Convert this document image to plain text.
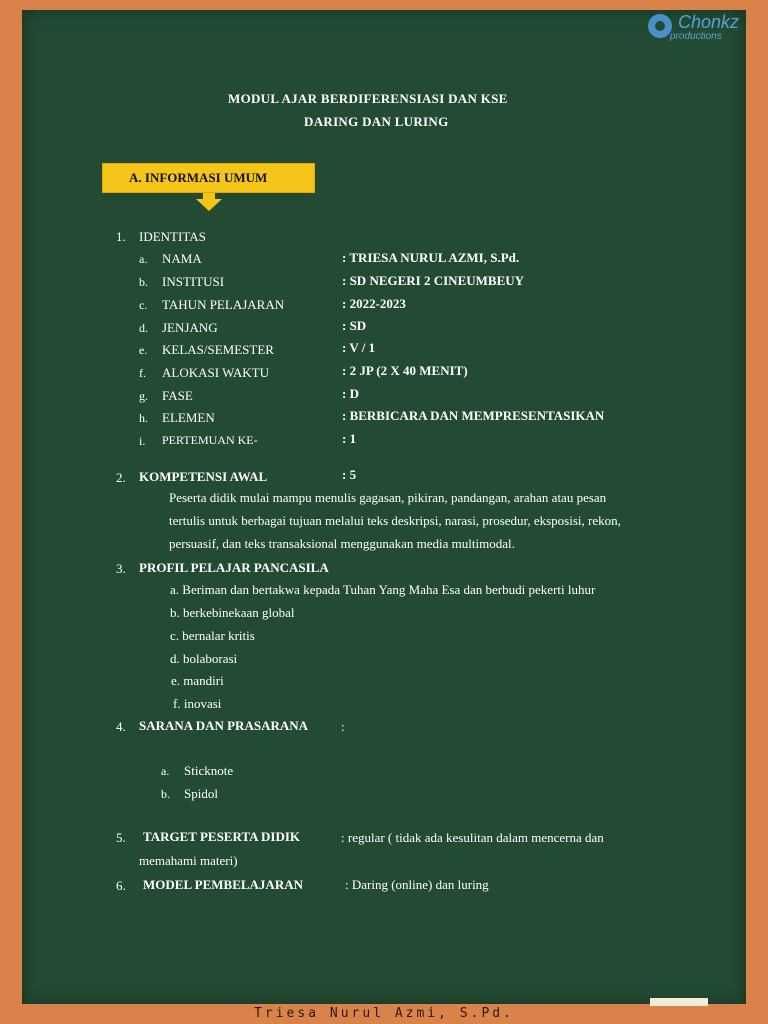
Chonkz
productions
MODUL AJAR BERDIFERENSIASI DAN KSE
DARING DAN LURING
A. INFORMASI UMUM
1. IDENTITAS
a. NAMA	: TRIESA NURUL AZMI, S.Pd.
b. INSTITUSI	: SD NEGERI 2 CINEUMBEUY
c. TAHUN PELAJARAN	: 2022-2023
d. JENJANG	: SD
e. KELAS/SEMESTER	: V / 1
f. ALOKASI WAKTU	: 2 JP (2 X 40 MENIT)
g. FASE	: D
h. ELEMEN	: BERBICARA DAN MEMPRESENTASIKAN
i. PERTEMUAN KE-	: 1
2. KOMPETENSI AWAL	: 5
Peserta didik mulai mampu menulis gagasan, pikiran, pandangan, arahan atau pesan
tertulis untuk berbagai tujuan melalui teks deskripsi, narasi, prosedur, eksposisi, rekon,
persuasif, dan teks transaksional menggunakan media multimodal.
3. PROFIL PELAJAR PANCASILA
a. Beriman dan bertakwa kepada Tuhan Yang Maha Esa dan berbudi pekerti luhur
b. berkebinekaan global
c. bernalar kritis
d. bolaborasi
e. mandiri
f. inovasi
4. SARANA DAN PRASARANA	:
a. Sticknote
b. Spidol
5. TARGET PESERTA DIDIK	: regular ( tidak ada kesulitan dalam mencerna dan
memahami materi)
6. MODEL PEMBELAJARAN	: Daring (online) dan luring
Triesa Nurul Azmi, S.Pd.
